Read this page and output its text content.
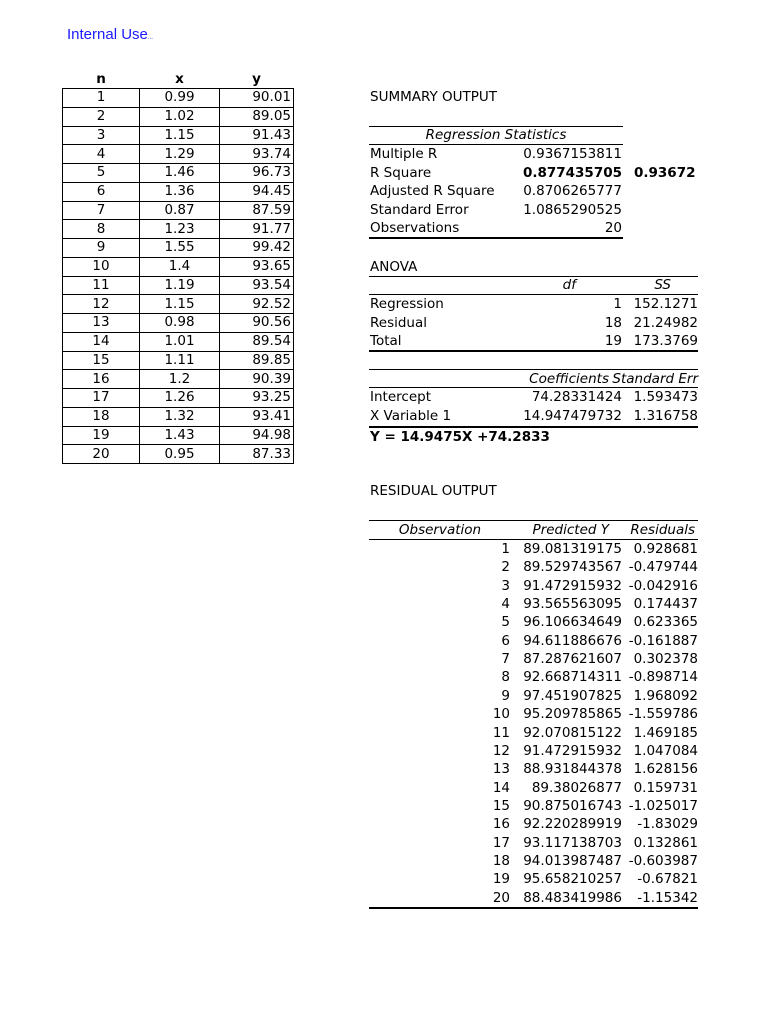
Internal Use...
n	x	y
1	0.99	90.01
2	1.02	89.05
3	1.15	91.43
4	1.29	93.74
5	1.46	96.73
6	1.36	94.45
7	0.87	87.59
8	1.23	91.77
9	1.55	99.42
10	1.4	93.65
11	1.19	93.54
12	1.15	92.52
13	0.98	90.56
14	1.01	89.54
15	1.11	89.85
16	1.2	90.39
17	1.26	93.25
18	1.32	93.41
19	1.43	94.98
20	0.95	87.33
SUMMARY OUTPUT
Regression Statistics
Multiple R	0.9367153811
R Square	0.877435705 0.93672
Adjusted R Square	0.8706265777
Standard Error	1.0865290525
Observations	20
ANOVA
df	SS
Regression	1 152.1271
Residual	18 21.24982
Total	19 173.3769
Coefficients Standard Err
Intercept	74.28331424 1.593473
X Variable 1	14.947479732 1.316758
Y = 14.9475X +74.2833
RESIDUAL OUTPUT
Observation	Predicted Y	Residuals
1 89.081319175 0.928681
2 89.529743567 -0.479744
3 91.472915932 -0.042916
4 93.565563095 0.174437
5 96.106634649 0.623365
6 94.611886676 -0.161887
7 87.287621607 0.302378
8 92.668714311 -0.898714
9 97.451907825 1.968092
10 95.209785865 -1.559786
11 92.070815122 1.469185
12 91.472915932 1.047084
13 88.931844378 1.628156
14	89.38026877 0.159731
15 90.875016743 -1.025017
16 92.220289919	-1.83029
17 93.117138703 0.132861
18 94.013987487 -0.603987
19 95.658210257	-0.67821
20 88.483419986	-1.15342
